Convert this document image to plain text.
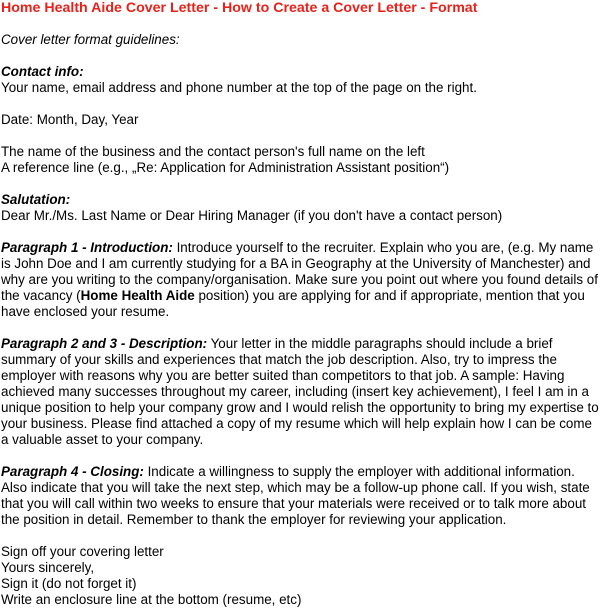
Home Health Aide Cover Letter - How to Create a Cover Letter - Format
Cover letter format guidelines:
Contact info:
Your name, email address and phone number at the top of the page on the right.
Date: Month, Day, Year
The name of the business and the contact person's full name on the left
A reference line (e.g., „Re: Application for Administration Assistant position“)
Salutation:
Dear Mr./Ms. Last Name or Dear Hiring Manager (if you don't have a contact person)
Paragraph 1 - Introduction: Introduce yourself to the recruiter. Explain who you are, (e.g. My name is John Doe and I am currently studying for a BA in Geography at the University of Manchester) and why are you writing to the company/organisation. Make sure you point out where you found details of the vacancy (Home Health Aide position) you are applying for and if appropriate, mention that you have enclosed your resume.
Paragraph 2 and 3 - Description: Your letter in the middle paragraphs should include a brief summary of your skills and experiences that match the job description. Also, try to impress the employer with reasons why you are better suited than competitors to that job. A sample: Having achieved many successes throughout my career, including (insert key achievement), I feel I am in a unique position to help your company grow and I would relish the opportunity to bring my expertise to your business. Please find attached a copy of my resume which will help explain how I can be come a valuable asset to your company.
Paragraph 4 - Closing: Indicate a willingness to supply the employer with additional information. Also indicate that you will take the next step, which may be a follow-up phone call. If you wish, state that you will call within two weeks to ensure that your materials were received or to talk more about the position in detail. Remember to thank the employer for reviewing your application.
Sign off your covering letter
Yours sincerely,
Sign it (do not forget it)
Write an enclosure line at the bottom (resume, etc)
